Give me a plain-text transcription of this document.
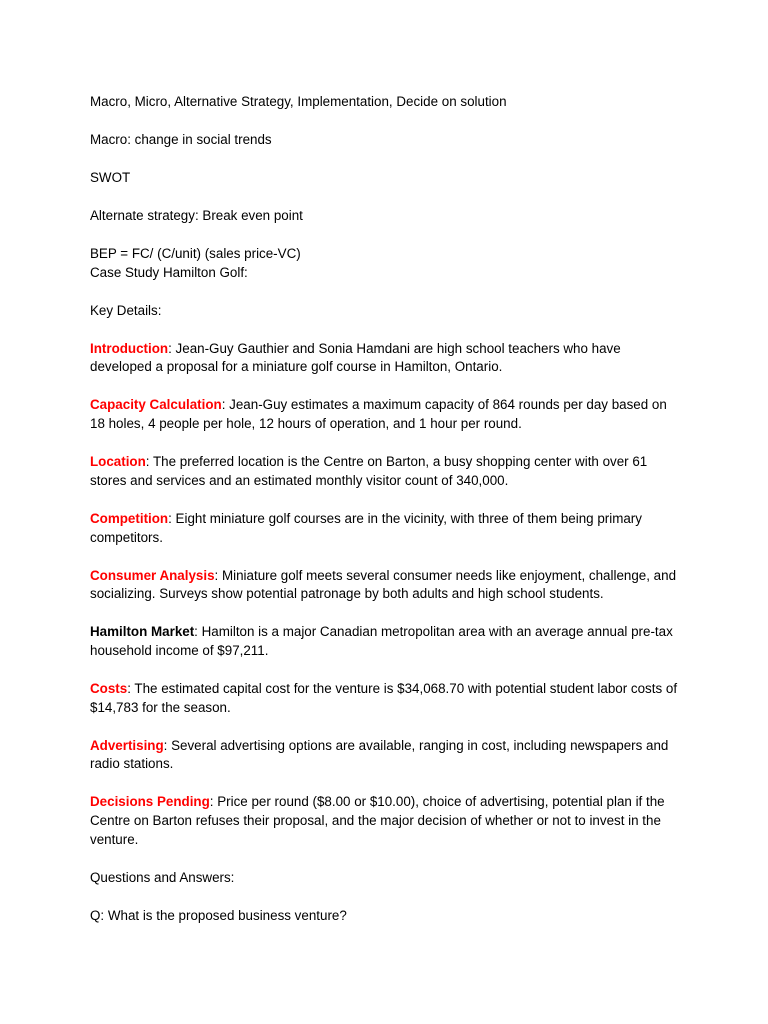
Macro, Micro, Alternative Strategy, Implementation, Decide on solution

Macro: change in social trends

SWOT

Alternate strategy: Break even point

BEP = FC/ (C/unit) (sales price-VC)

Case Study Hamilton Golf:

Key Details:

Introduction: Jean-Guy Gauthier and Sonia Hamdani are high school teachers who have developed a proposal for a miniature golf course in Hamilton, Ontario.

Capacity Calculation: Jean-Guy estimates a maximum capacity of 864 rounds per day based on 18 holes, 4 people per hole, 12 hours of operation, and 1 hour per round.

Location: The preferred location is the Centre on Barton, a busy shopping center with over 61 stores and services and an estimated monthly visitor count of 340,000.

Competition: Eight miniature golf courses are in the vicinity, with three of them being primary competitors.

Consumer Analysis: Miniature golf meets several consumer needs like enjoyment, challenge, and socializing. Surveys show potential patronage by both adults and high school students.

Hamilton Market: Hamilton is a major Canadian metropolitan area with an average annual pre-tax household income of $97,211.

Costs: The estimated capital cost for the venture is $34,068.70 with potential student labor costs of $14,783 for the season.

Advertising: Several advertising options are available, ranging in cost, including newspapers and radio stations.

Decisions Pending: Price per round ($8.00 or $10.00), choice of advertising, potential plan if the Centre on Barton refuses their proposal, and the major decision of whether or not to invest in the venture.

Questions and Answers:

Q: What is the proposed business venture?
